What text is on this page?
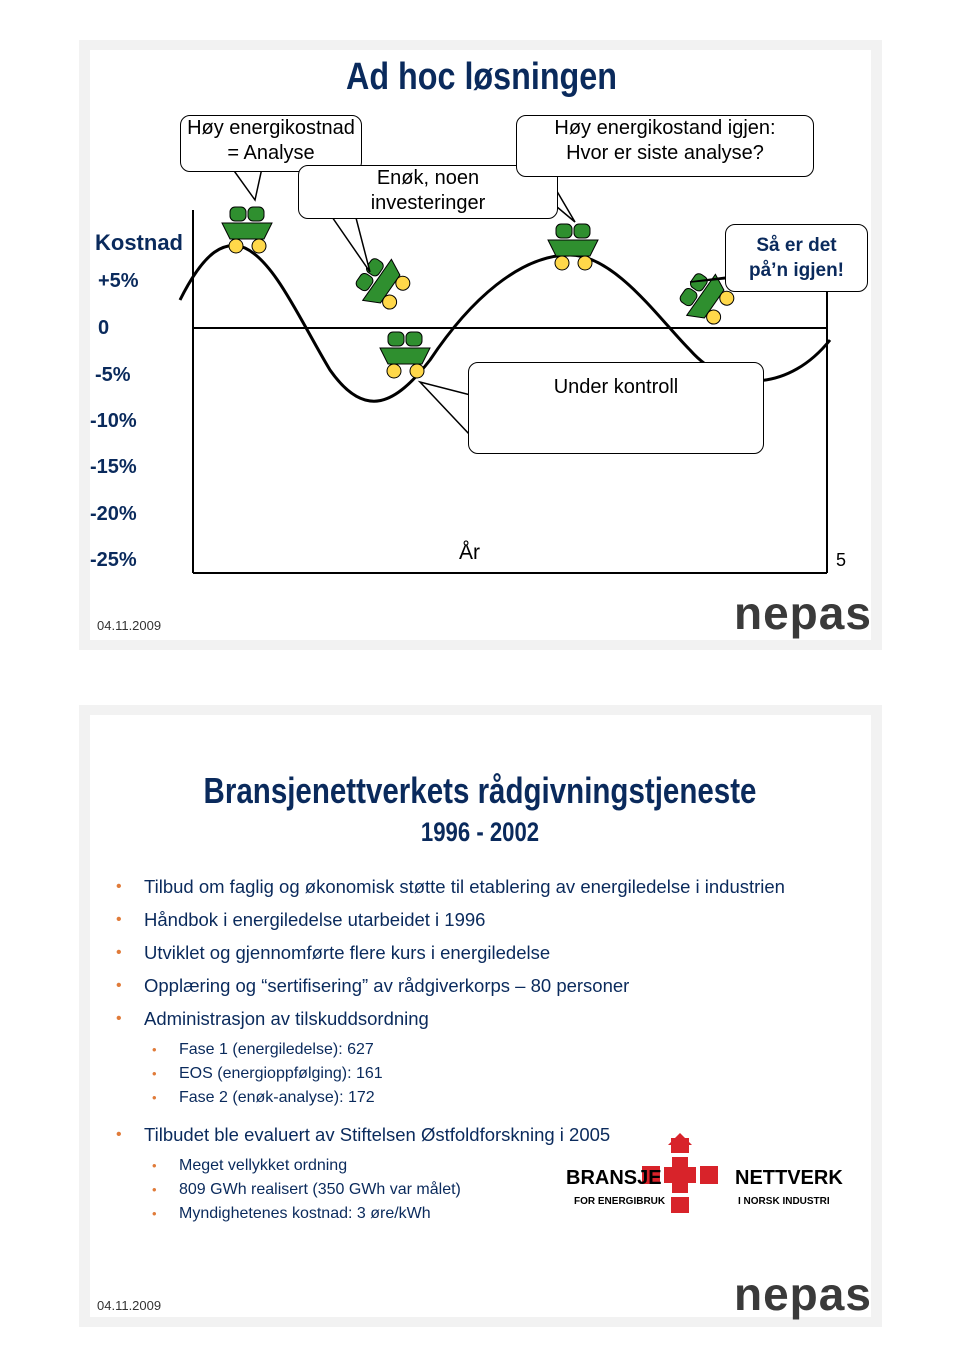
Ad hoc løsningen
Høy energikostnad
= Analyse
Enøk, noen
investeringer
Høy energikostand igjen:
Hvor er siste analyse?
Så er det
på’n igjen!
Under kontroll
Kostnad
+5%
0
-5%
-10%
-15%
-20%
-25%	År	5
04.11.2009	nepas
Bransjenettverkets rådgivningstjeneste
1996 - 2002
• Tilbud om faglig og økonomisk støtte til etablering av energiledelse i industrien
• Håndbok i energiledelse utarbeidet i 1996
• Utviklet og gjennomførte flere kurs i energiledelse
• Opplæring og “sertifisering” av rådgiverkorps – 80 personer
• Administrasjon av tilskuddsordning
• Fase 1 (energiledelse): 627
• EOS (energioppfølging): 161
• Fase 2 (enøk-analyse): 172
• Tilbudet ble evaluert av Stiftelsen Østfoldforskning i 2005
• Meget vellykket ordning
• 809 GWh realisert (350 GWh var målet)
• Myndighetenes kostnad: 3 øre/kWh
BRANSJE
FOR ENERGIBRUK
NETTVERK
I NORSK INDUSTRI
04.11.2009	nepas
